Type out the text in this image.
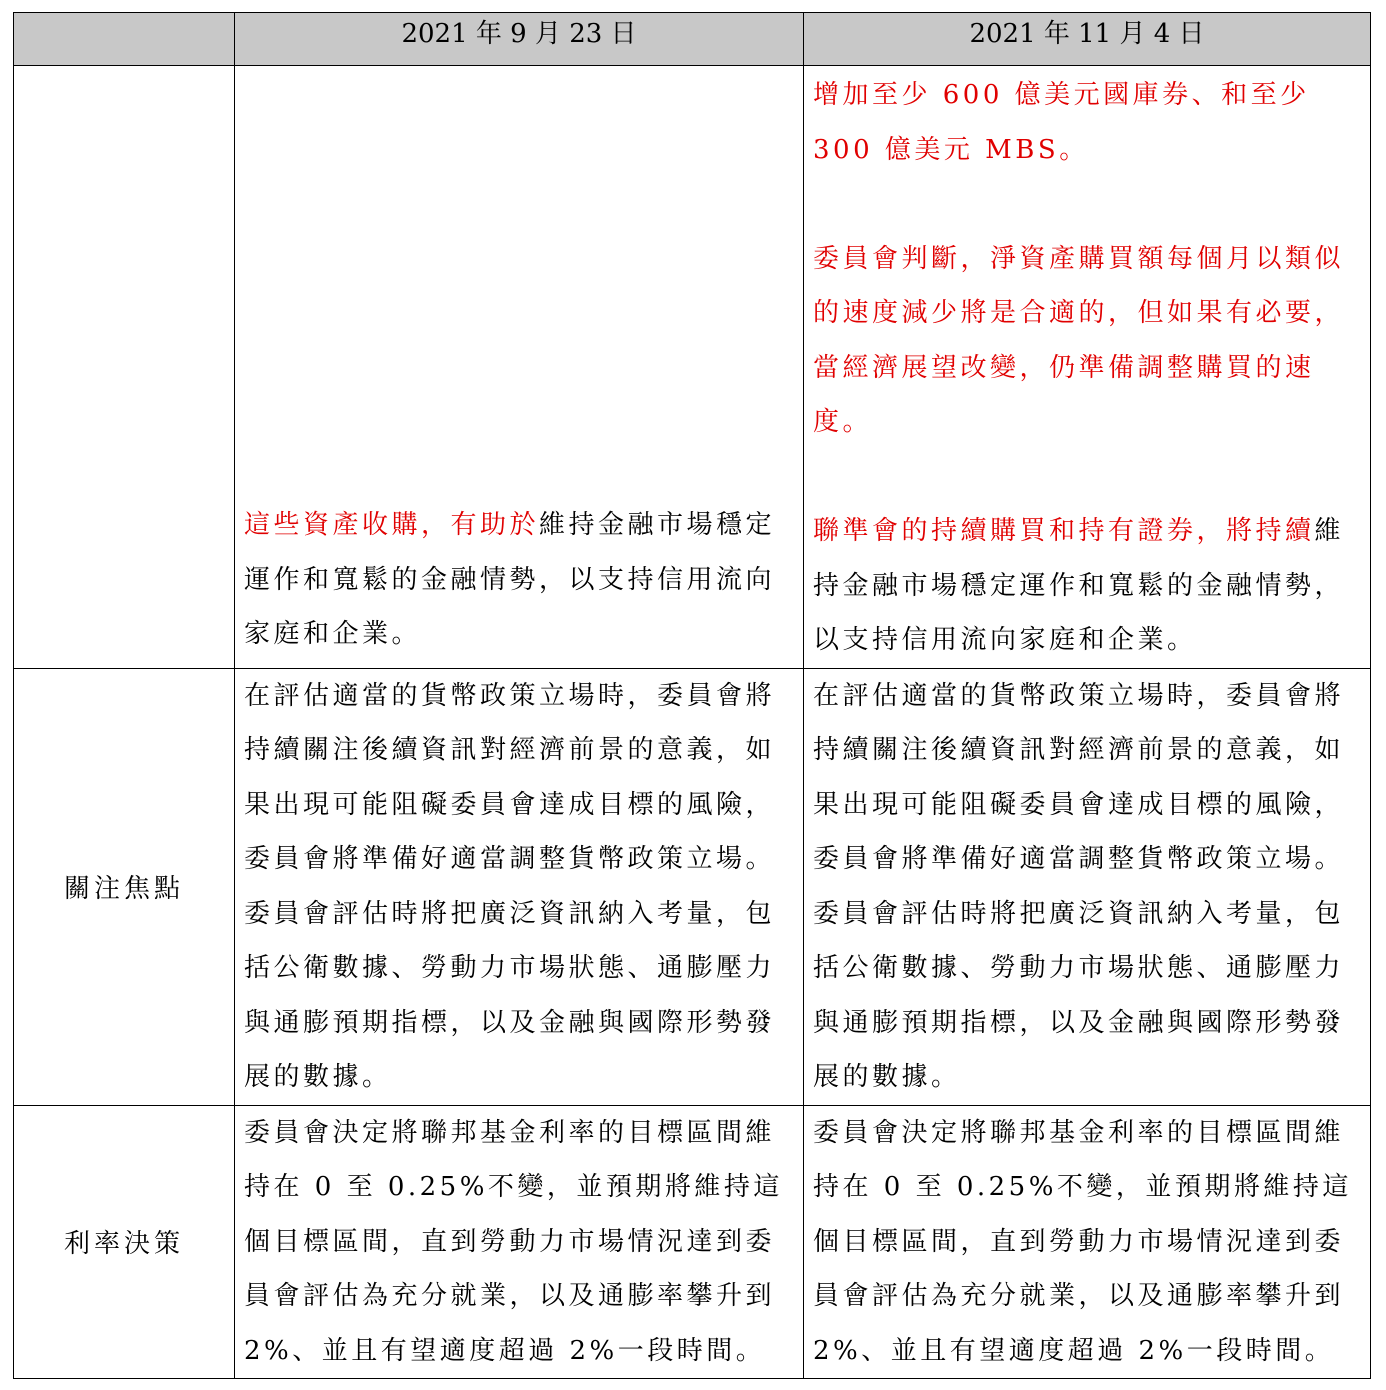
	2021 年 9 月 23 日	2021 年 11 月 4 日

	這些資產收購，有助於維持金融市場穩定運作和寬鬆的金融情勢，以支持信用流向家庭和企業。	增加至少 600 億美元國庫券、和至少 300 億美元 MBS。
委員會判斷，淨資產購買額每個月以類似的速度減少將是合適的，但如果有必要，當經濟展望改變，仍準備調整購買的速度。
聯準會的持續購買和持有證券，將持續維持金融市場穩定運作和寬鬆的金融情勢，以支持信用流向家庭和企業。

關注焦點	在評估適當的貨幣政策立場時，委員會將持續關注後續資訊對經濟前景的意義，如果出現可能阻礙委員會達成目標的風險，委員會將準備好適當調整貨幣政策立場。委員會評估時將把廣泛資訊納入考量，包括公衛數據、勞動力市場狀態、通膨壓力與通膨預期指標，以及金融與國際形勢發展的數據。	在評估適當的貨幣政策立場時，委員會將持續關注後續資訊對經濟前景的意義，如果出現可能阻礙委員會達成目標的風險，委員會將準備好適當調整貨幣政策立場。委員會評估時將把廣泛資訊納入考量，包括公衛數據、勞動力市場狀態、通膨壓力與通膨預期指標，以及金融與國際形勢發展的數據。

利率決策	委員會決定將聯邦基金利率的目標區間維持在 0 至 0.25%不變，並預期將維持這個目標區間，直到勞動力市場情況達到委員會評估為充分就業，以及通膨率攀升到 2%、並且有望適度超過 2%一段時間。	委員會決定將聯邦基金利率的目標區間維持在 0 至 0.25%不變，並預期將維持這個目標區間，直到勞動力市場情況達到委員會評估為充分就業，以及通膨率攀升到 2%、並且有望適度超過 2%一段時間。
